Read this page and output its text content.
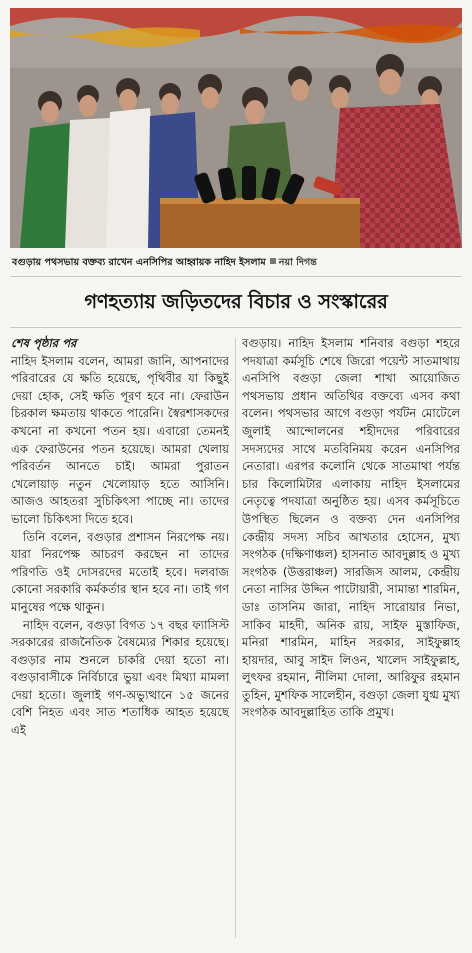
বগুড়ায় পথসভায় বক্তব্য রাখেন এনসিপির আহ্বায়ক নাহিদ ইসলাম নয়া দিগন্ত
গণহত্যায় জড়িতদের বিচার ও সংস্কারের
শেষ পৃষ্ঠার পর

নাহিদ ইসলাম বলেন, আমরা জানি, আপনাদের পরিবারের যে ক্ষতি হয়েছে, পৃথিবীর যা কিছুই দেয়া হোক, সেই ক্ষতি পূরণ হবে না। ফেরাউন চিরকাল ক্ষমতায় থাকতে পারেনি। স্বৈরশাসকদের কখনো না কখনো পতন হয়। এবারো তেমনই এক ফেরাউনের পতন হয়েছে। আমরা খেলায় পরিবর্তন আনতে চাই। আমরা পুরাতন খেলোয়াড় নতুন খেলোয়াড় হতে আসিনি। আজও আহতরা সুচিকিৎসা পাচ্ছে না। তাদের ভালো চিকিৎসা দিতে হবে।

তিনি বলেন, বগুড়ার প্রশাসন নিরপেক্ষ নয়। যারা নিরপেক্ষ আচরণ করছেন না তাদের পরিণতি ওই দোসরদের মতোই হবে। দলবাজ কোনো সরকারি কর্মকর্তার স্থান হবে না। তাই গণ মানুষের পক্ষে থাকুন।

নাহিদ বলেন, বগুড়া বিগত ১৭ বছর ফ্যাসিস্ট সরকারের রাজনৈতিক বৈষম্যের শিকার হয়েছে। বগুড়ার নাম শুনলে চাকরি দেয়া হতো না। বগুড়াবাসীকে নির্বিচারে ভুয়া এবং মিথ্যা মামলা দেয়া হতো। জুলাই গণ-অভ্যুত্থানে ১৫ জনের বেশি নিহত এবং সাত শতাধিক আহত হয়েছে এই

বগুড়ায়। নাহিদ ইসলাম শনিবার বগুড়া শহরে পদযাত্রা কর্মসূচি শেষে জিরো পয়েন্ট সাতমাথায় এনসিপি বগুড়া জেলা শাখা আয়োজিত পথসভায় প্রধান অতিথির বক্তব্যে এসব কথা বলেন। পথসভার আগে বগুড়া পর্যটন মোটেলে জুলাই আন্দোলনের শহীদদের পরিবারের সদস্যদের সাথে মতবিনিময় করেন এনসিপির নেতারা। এরপর কলোনি থেকে সাতমাথা পর্যন্ত চার কিলোমিটার এলাকায় নাহিদ ইসলামের নেতৃত্বে পদযাত্রা অনুষ্ঠিত হয়। এসব কর্মসূচিতে উপস্থিত ছিলেন ও বক্তব্য দেন এনসিপির কেন্দ্রীয় সদস্য সচিব আখতার হোসেন, মুখ্য সংগঠক (দক্ষিণাঞ্চল) হাসনাত আবদুল্লাহ ও মুখ্য সংগঠক (উত্তরাঞ্চল) সারজিস আলম, কেন্দ্রীয় নেতা নাসির উদ্দিন পাটোয়ারী, সামান্তা শারমিন, ডাঃ তাসনিম জারা, নাহিদ সারোয়ার নিভা, সাকিব মাহদী, অনিক রায়, সাইফ মুস্তাফিজ, মনিরা শারমিন, মাহিন সরকার, সাইফুল্লাহ হায়দার, আবু সাইদ লিওন, খালেদ সাইফুল্লাহ, লুৎফর রহমান, নীলিমা দোলা, আরিফুর রহমান তুহিন, মুশফিক সালেহীন, বগুড়া জেলা যুগ্ম মুখ্য সংগঠক আবদুল্লাহিত তাকি প্রমুখ।
